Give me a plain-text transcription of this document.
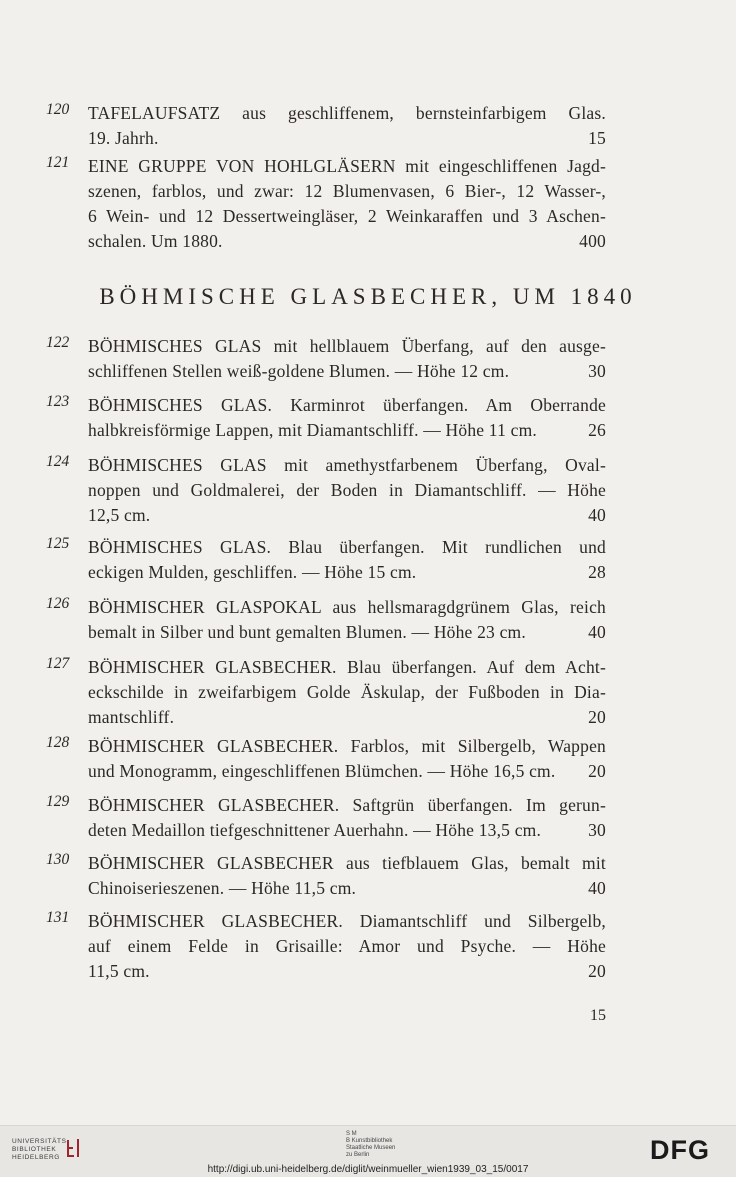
120	TAFELAUFSATZ aus geschliffenem, bernsteinfarbigem Glas.
19. Jahrh.	15
121	EINE GRUPPE VON HOHLGLÄSERN mit eingeschliffenen Jagd-
szenen, farblos, und zwar: 12 Blumenvasen, 6 Bier-, 12 Wasser-,
6 Wein- und 12 Dessertweingläser, 2 Weinkaraffen und 3 Aschen-
schalen. Um 1880.	400
BÖHMISCHE GLASBECHER, UM 1840
122	BÖHMISCHES GLAS mit hellblauem Überfang, auf den ausge-
schliffenen Stellen weiß-goldene Blumen. — Höhe 12 cm.	30
123	BÖHMISCHES GLAS. Karminrot überfangen. Am Oberrande
halbkreisförmige Lappen, mit Diamantschliff. — Höhe 11 cm.	26
124	BÖHMISCHES GLAS mit amethystfarbenem Überfang, Oval-
noppen und Goldmalerei, der Boden in Diamantschliff. — Höhe
12,5 cm.	40
125	BÖHMISCHES GLAS. Blau überfangen. Mit rundlichen und
eckigen Mulden, geschliffen. — Höhe 15 cm.	28
126	BÖHMISCHER GLASPOKAL aus hellsmaragdgrünem Glas, reich
bemalt in Silber und bunt gemalten Blumen. — Höhe 23 cm.	40
127	BÖHMISCHER GLASBECHER. Blau überfangen. Auf dem Acht-
eckschilde in zweifarbigem Golde Äskulap, der Fußboden in Dia-
mantschliff.	20
128	BÖHMISCHER GLASBECHER. Farblos, mit Silbergelb, Wappen
und Monogramm, eingeschliffenen Blümchen. — Höhe 16,5 cm. 20
129	BÖHMISCHER GLASBECHER. Saftgrün überfangen. Im gerun-
deten Medaillon tiefgeschnittener Auerhahn. — Höhe 13,5 cm.	30
130	BÖHMISCHER GLASBECHER aus tiefblauem Glas, bemalt mit
Chinoiserieszenen. — Höhe 11,5 cm.	40
131	BÖHMISCHER GLASBECHER. Diamantschliff und Silbergelb,
auf einem Felde in Grisaille: Amor und Psyche. — Höhe
11,5 cm.	20
15
UNIVERSITÄTS-
BIBLIOTHEK
HEIDELBERG
S M
B Kunstbibliothek
Staatliche Museen
zu Berlin
http://digi.ub.uni-heidelberg.de/diglit/weinmueller_wien1939_03_15/0017
DFG
